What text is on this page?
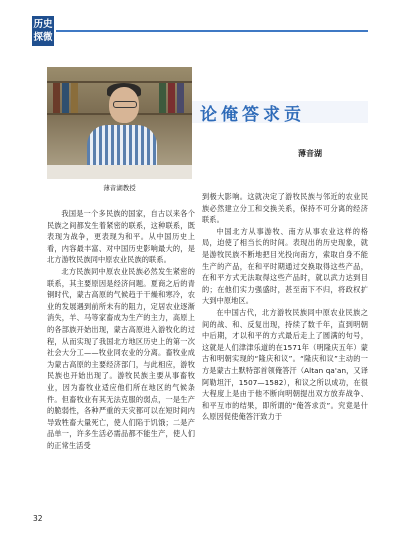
历史探微
薄音湖教授
论俺答求贡
薄音湖

我国是一个多民族的国家，自古以来各个民族之间都发生着紧密的联系，这种联系，既表现为战争，更表现为和平。从中国历史上看，内容最丰富、对中国历史影响最大的，是北方游牧民族同中原农业民族的联系。

北方民族同中原农业民族必然发生紧密的联系，其主要原因是经济问题。夏商之后的青铜时代，蒙古高原的气候趋于干燥和寒冷，农业的发展遇到前所未有的阻力，定居农业逐渐消失，羊、马等家畜成为生产的主力，高原上的各部族开始出现，蒙古高原进入游牧化的过程，从而实现了我国北方地区历史上的第一次社会大分工——牧业同农业的分离。畜牧业成为蒙古高原的主要经济部门，与此相应，游牧民族也开始出现了。游牧民族主要从事畜牧业，因为畜牧业适应他们所在地区的气候条件。但畜牧业有其无法克服的弱点，一是生产的脆弱性，各种严重的天灾都可以在短时间内导致牲畜大量死亡，使人们陷于饥饿；二是产品单一，许多生活必需品都不能生产，使人们的正常生活受

到极大影响。这就决定了游牧民族与邻近的农业民族必然建立分工和交换关系，保持不可分离的经济联系。

中国北方从事游牧、南方从事农业这样的格局，迫使了相当长的时间。表现出的历史现象，就是游牧民族不断地把目光投向南方，索取自身不能生产的产品，在和平时期通过交换取得这些产品，在和平方式无法取得这些产品时，就以武力达到目的；在他们实力强盛时，甚至南下不归，将政权扩大到中原地区。

在中国古代，北方游牧民族同中原农业民族之间的战、和、反复出现，持续了数千年，直到明朝中后期，才以和平的方式最后走上了圆满的句号，这就是人们津津乐道的在1571年（明隆庆五年）蒙古和明朝实现的“隆庆和议”。“隆庆和议”主动的一方是蒙古土默特部首领俺答汗（Altan qa'an，又译阿勒坦汗，1507—1582），和议之所以成功，在很大程度上是由于他不断向明朝提出双方放弃战争、和平互市的结果，即所谓的“俺答求贡”。究竟是什么原因促使俺答汗致力于

32
